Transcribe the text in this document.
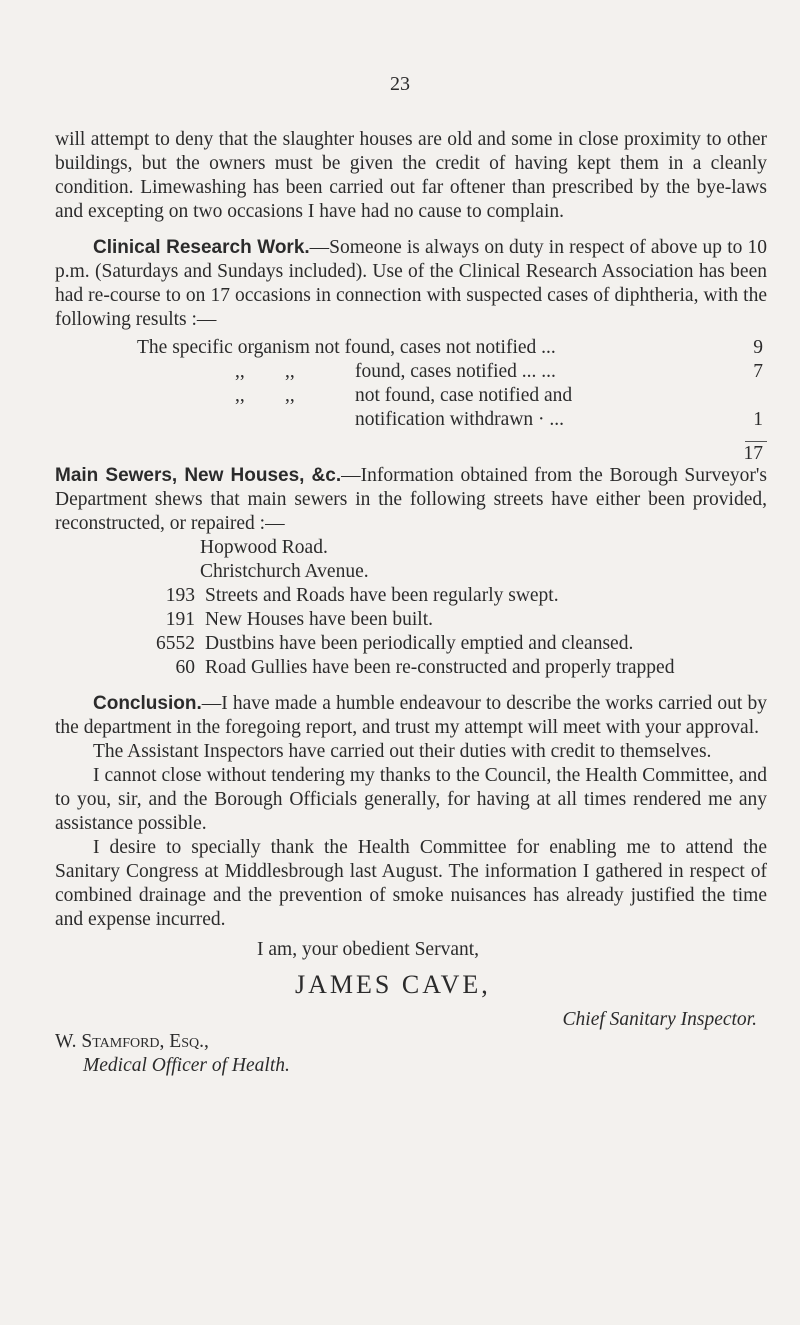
23

will attempt to deny that the slaughter houses are old and some in close proximity to other buildings, but the owners must be given the credit of having kept them in a cleanly condition. Limewashing has been carried out far oftener than prescribed by the bye-laws and excepting on two occasions I have had no cause to complain.

Clinical Research Work.—Someone is always on duty in respect of above up to 10 p.m. (Saturdays and Sundays included). Use of the Clinical Research Association has been had re-course to on 17 occasions in connection with suspected cases of diphtheria, with the following results :—

The specific organism not found, cases not notified ...	9
,, ,,	found, cases notified ... ...	7
,, ,,	not found, case notified and
notification withdrawn · ...	1
17

Main Sewers, New Houses, &c.—Information obtained from the Borough Surveyor's Department shews that main sewers in the following streets have either been provided, reconstructed, or repaired :—

Hopwood Road.
Christchurch Avenue.
193 Streets and Roads have been regularly swept.
191 New Houses have been built.
6552 Dustbins have been periodically emptied and cleansed.
60 Road Gullies have been re-constructed and properly trapped

Conclusion.—I have made a humble endeavour to describe the works carried out by the department in the foregoing report, and trust my attempt will meet with your approval.

The Assistant Inspectors have carried out their duties with credit to themselves.

I cannot close without tendering my thanks to the Council, the Health Committee, and to you, sir, and the Borough Officials generally, for having at all times rendered me any assistance possible.

I desire to specially thank the Health Committee for enabling me to attend the Sanitary Congress at Middlesbrough last August. The information I gathered in respect of combined drainage and the prevention of smoke nuisances has already justified the time and expense incurred.

I am, your obedient Servant,
JAMES CAVE,
Chief Sanitary Inspector.
W. Stamford, Esq.,
Medical Officer of Health.
